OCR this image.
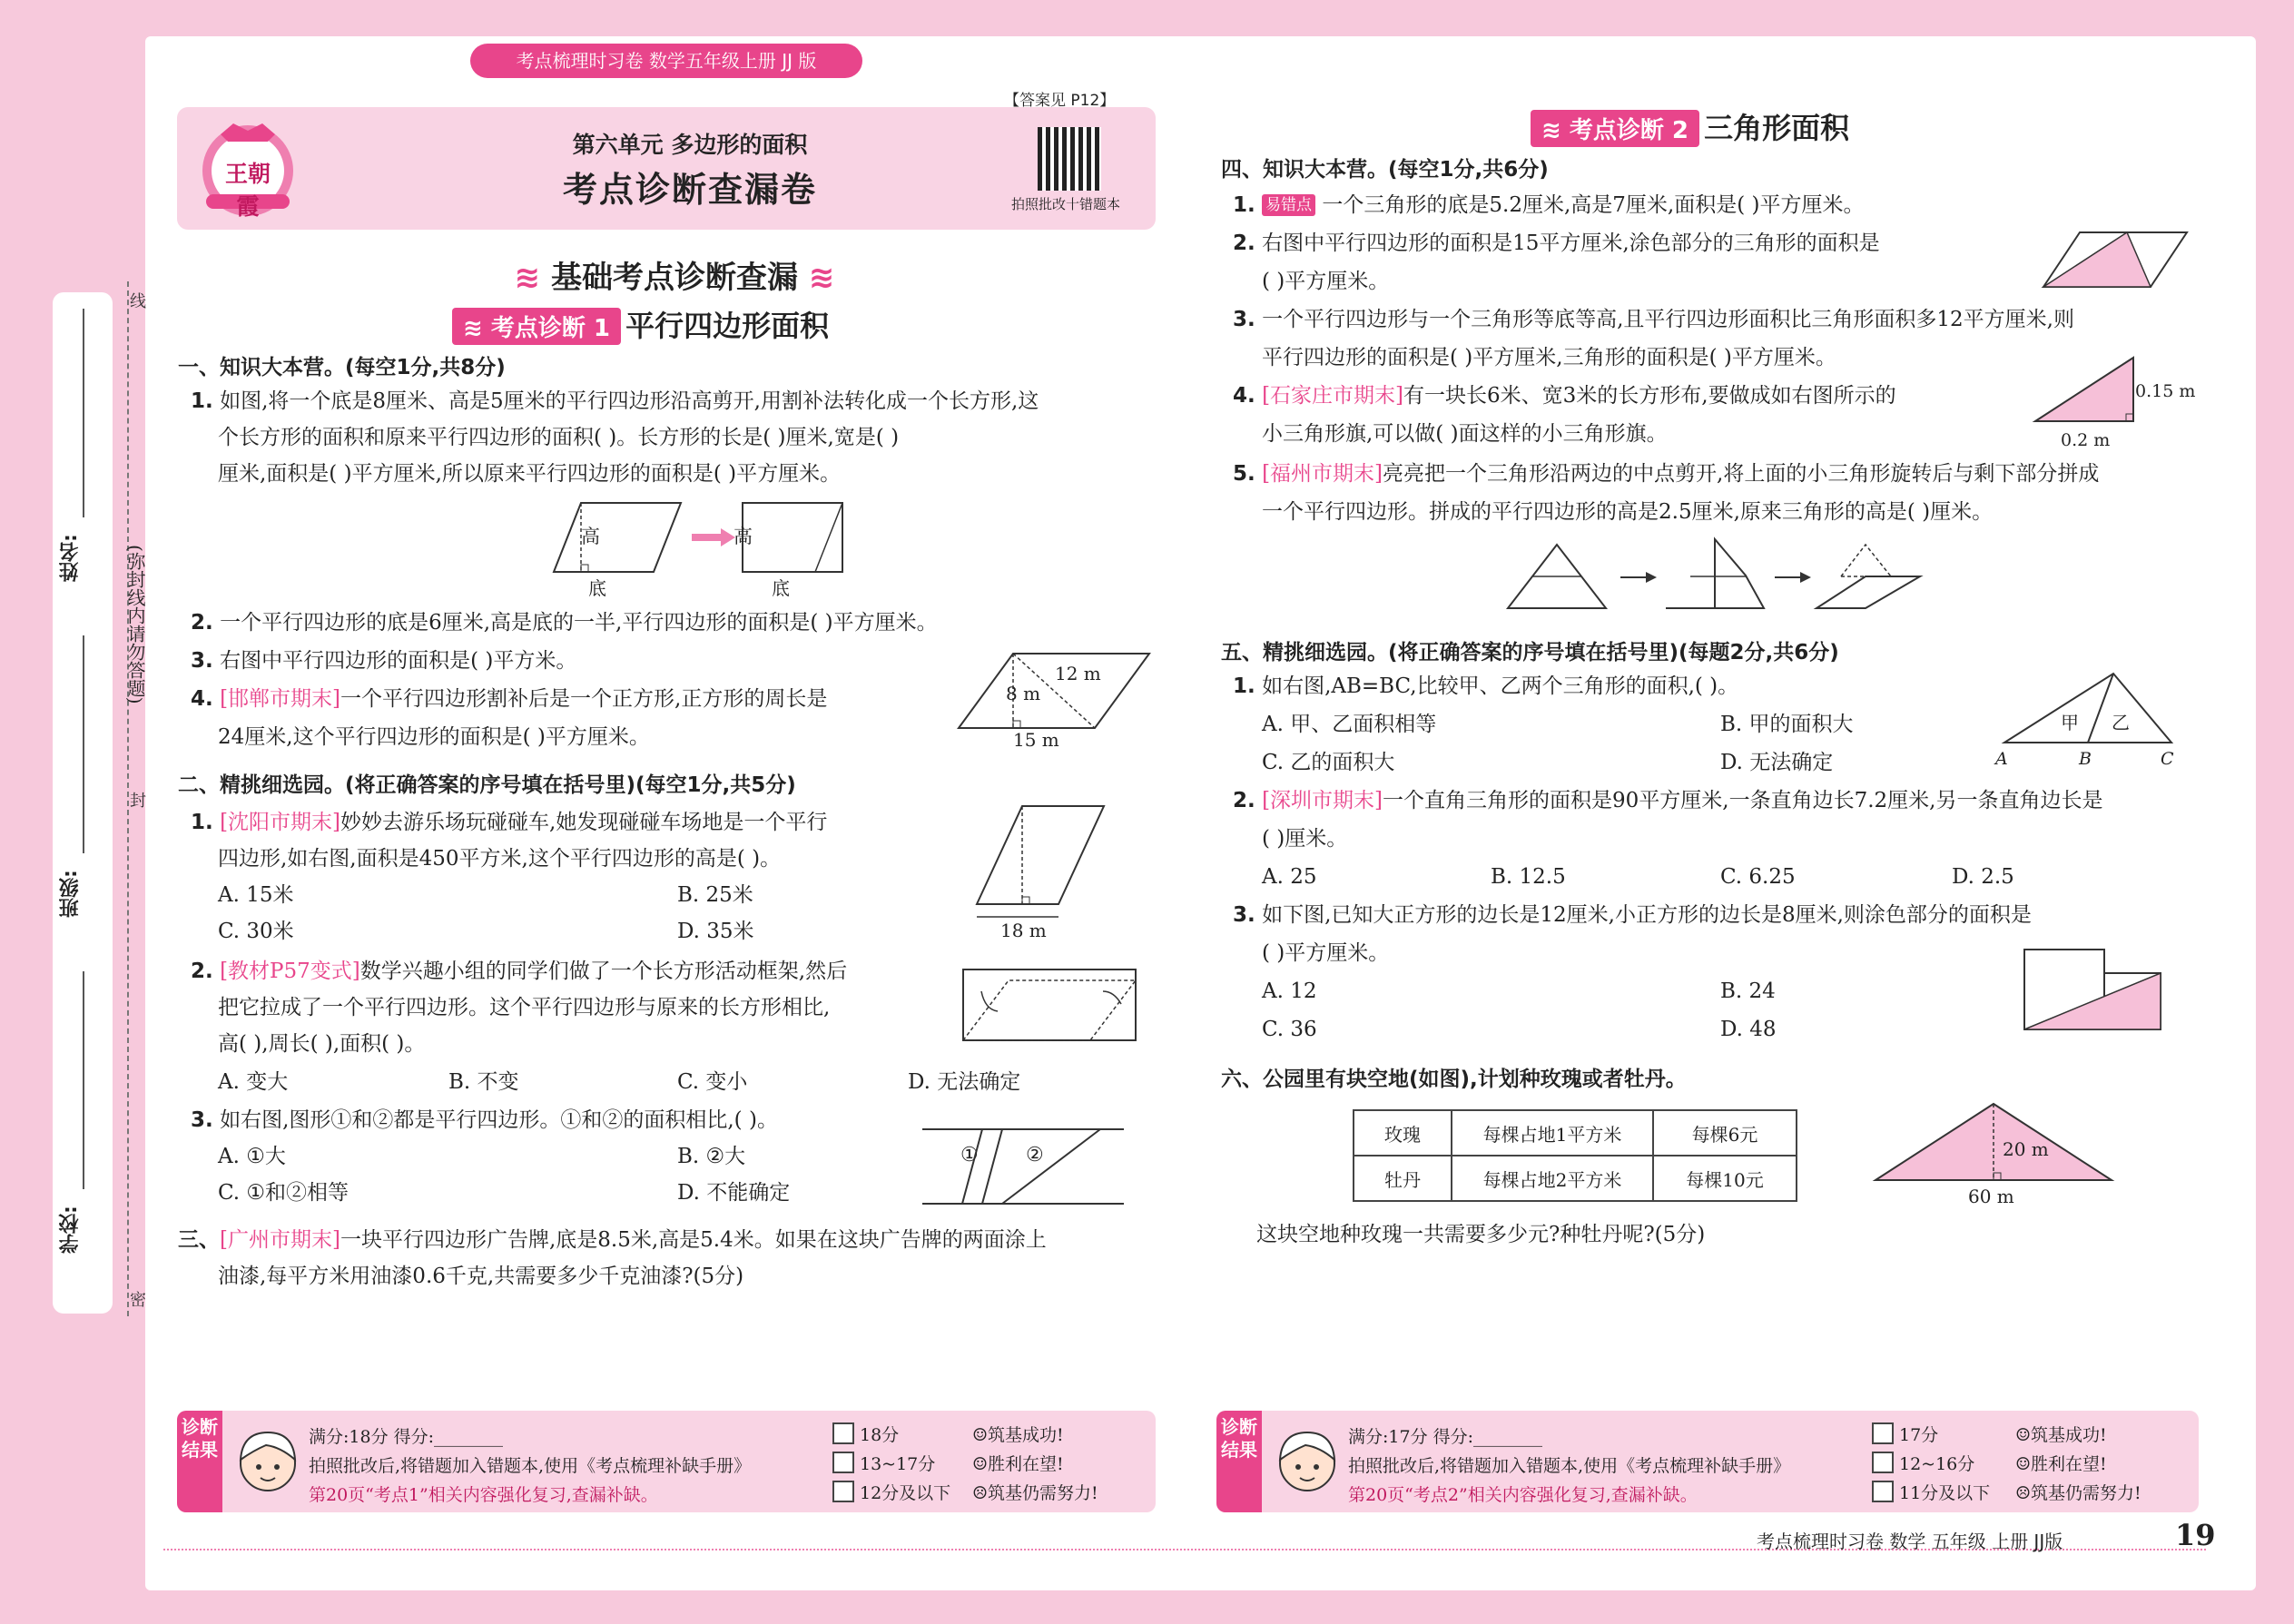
姓名:
班级:
学校:
线
(弥封线内请勿答题)
封
密
考点梳理时习卷 数学五年级上册 JJ 版
王朝霞
第六单元 多边形的面积
考点诊断查漏卷
【答案见 P12】
拍照批改十错题本
≋ 基础考点诊断查漏 ≋
≋ 考点诊断 1 平行四边形面积
一、知识大本营。(每空1分,共8分)
1. 如图,将一个底是8厘米、高是5厘米的平行四边形沿高剪开,用割补法转化成一个长方形,这
个长方形的面积和原来平行四边形的面积( )。长方形的长是( )厘米,宽是( )
厘米,面积是( )平方厘米,所以原来平行四边形的面积是( )平方厘米。
高	高
底	底
2. 一个平行四边形的底是6厘米,高是底的一半,平行四边形的面积是( )平方厘米。
3. 右图中平行四边形的面积是( )平方米。
4. [邯郸市期末]一个平行四边形割补后是一个正方形,正方形的周长是
24厘米,这个平行四边形的面积是( )平方厘米。
12 m
8 m
15 m
二、精挑细选园。(将正确答案的序号填在括号里)(每空1分,共5分)
1. [沈阳市期末]妙妙去游乐场玩碰碰车,她发现碰碰车场地是一个平行
四边形,如右图,面积是450平方米,这个平行四边形的高是( )。
A. 15米	B. 25米
C. 30米	D. 35米	18 m
2. [教材P57变式]数学兴趣小组的同学们做了一个长方形活动框架,然后
把它拉成了一个平行四边形。这个平行四边形与原来的长方形相比,
高( ),周长( ),面积( )。
A. 变大	B. 不变	C. 变小	D. 无法确定
3. 如右图,图形①和②都是平行四边形。①和②的面积相比,( )。
A. ①大	B. ②大
C. ①和②相等	D. 不能确定
① ②
三、[广州市期末]一块平行四边形广告牌,底是8.5米,高是5.4米。如果在这块广告牌的两面涂上
油漆,每平方米用油漆0.6千克,共需要多少千克油漆?(5分)
诊断结果
满分:18分 得分:________
拍照批改后,将错题加入错题本,使用《考点梳理补缺手册》
第20页“考点1”相关内容强化复习,查漏补缺。
18分
13~17分
12分及以下
☺筑基成功!
☺胜利在望!
☹筑基仍需努力!
≋ 考点诊断 2 三角形面积
四、知识大本营。(每空1分,共6分)
1. 易错点 一个三角形的底是5.2厘米,高是7厘米,面积是( )平方厘米。
2. 右图中平行四边形的面积是15平方厘米,涂色部分的三角形的面积是
( )平方厘米。
3. 一个平行四边形与一个三角形等底等高,且平行四边形面积比三角形面积多12平方厘米,则
平行四边形的面积是( )平方厘米,三角形的面积是( )平方厘米。
4. [石家庄市期末]有一块长6米、宽3米的长方形布,要做成如右图所示的
小三角形旗,可以做( )面这样的小三角形旗。
0.15 m
0.2 m
5. [福州市期末]亮亮把一个三角形沿两边的中点剪开,将上面的小三角形旋转后与剩下部分拼成
一个平行四边形。拼成的平行四边形的高是2.5厘米,原来三角形的高是( )厘米。
五、精挑细选园。(将正确答案的序号填在括号里)(每题2分,共6分)
1. 如右图,AB=BC,比较甲、乙两个三角形的面积,( )。
A. 甲、乙面积相等	B. 甲的面积大
C. 乙的面积大	D. 无法确定
甲 乙
A	B	C
2. [深圳市期末]一个直角三角形的面积是90平方厘米,一条直角边长7.2厘米,另一条直角边长是
( )厘米。
A. 25	B. 12.5	C. 6.25	D. 2.5
3. 如下图,已知大正方形的边长是12厘米,小正方形的边长是8厘米,则涂色部分的面积是
( )平方厘米。
A. 12	B. 24
C. 36	D. 48
六、公园里有块空地(如图),计划种玫瑰或者牡丹。
玫瑰	每棵占地1平方米	每棵6元
牡丹	每棵占地2平方米	每棵10元
20 m
60 m
这块空地种玫瑰一共需要多少元?种牡丹呢?(5分)
诊断结果
满分:17分 得分:________
拍照批改后,将错题加入错题本,使用《考点梳理补缺手册》
第20页“考点2”相关内容强化复习,查漏补缺。
17分
12~16分
11分及以下
☺筑基成功!
☺胜利在望!
☹筑基仍需努力!
考点梳理时习卷 数学 五年级 上册 JJ版	19
